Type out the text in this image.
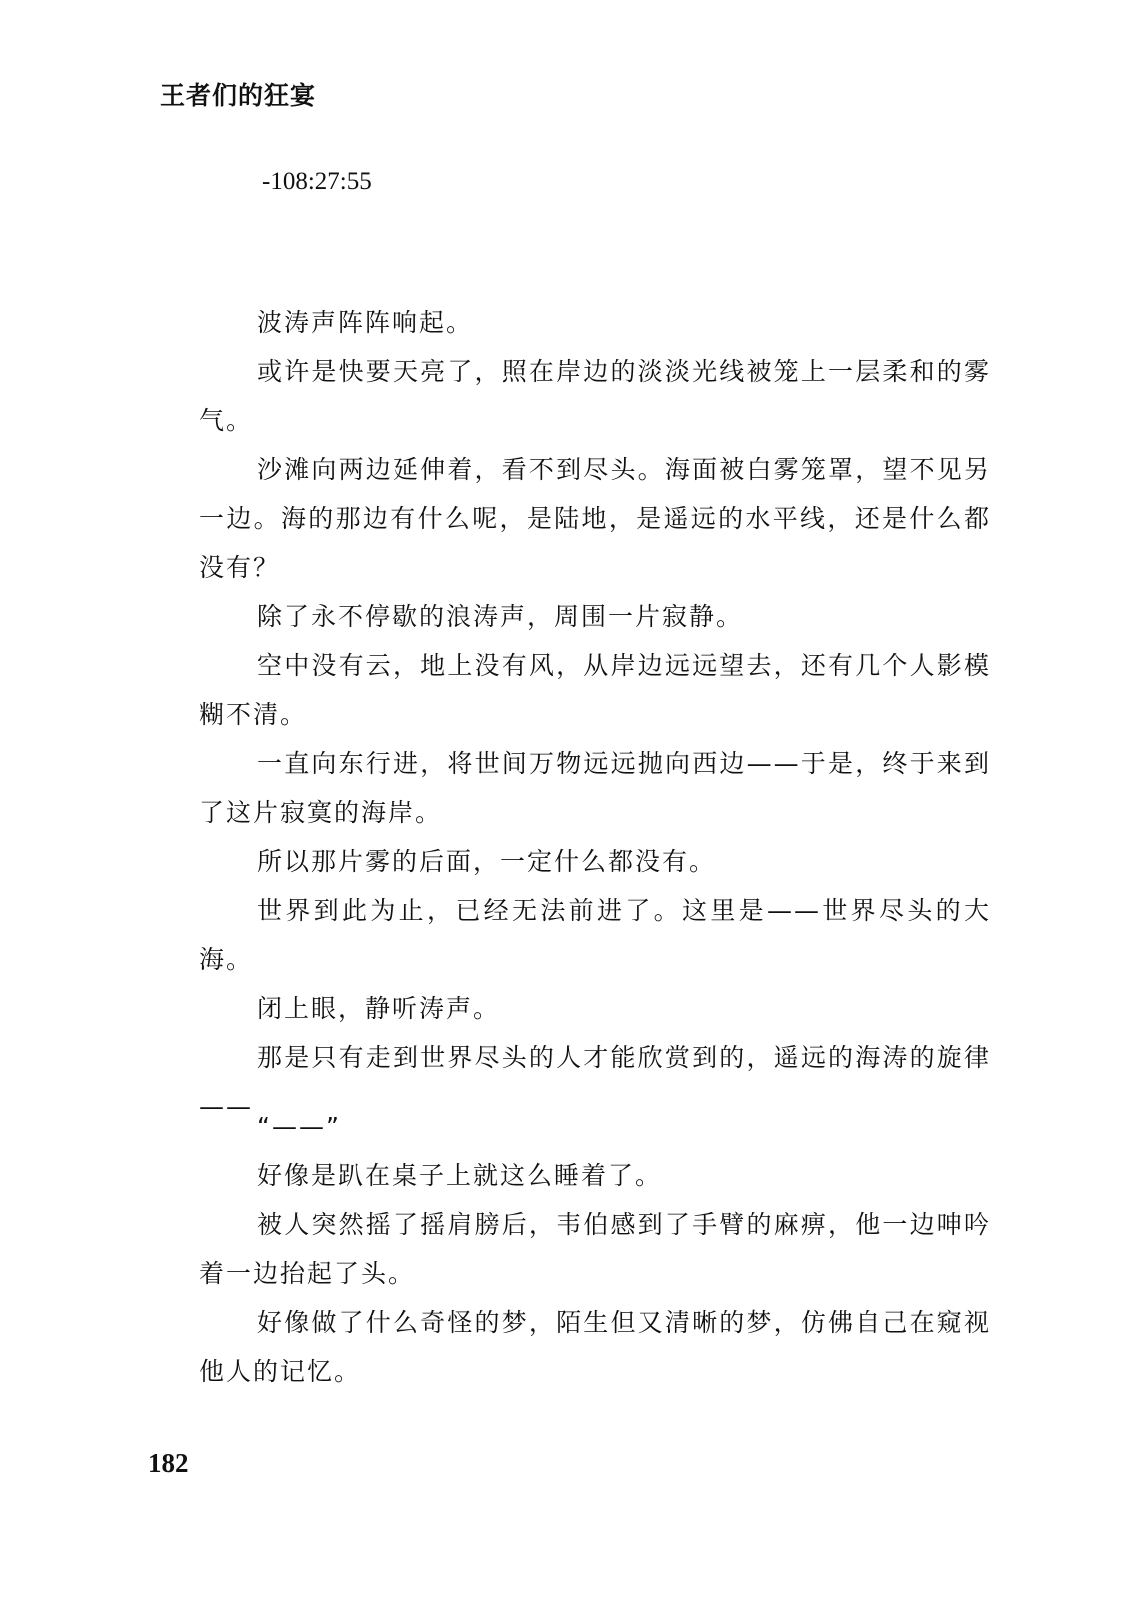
王者们的狂宴
-108:27:55

波涛声阵阵响起。

或许是快要天亮了，照在岸边的淡淡光线被笼上一层柔和的雾气。

沙滩向两边延伸着，看不到尽头。海面被白雾笼罩，望不见另一边。海的那边有什么呢，是陆地，是遥远的水平线，还是什么都没有？

除了永不停歇的浪涛声，周围一片寂静。

空中没有云，地上没有风，从岸边远远望去，还有几个人影模糊不清。

一直向东行进，将世间万物远远抛向西边——于是，终于来到了这片寂寞的海岸。

所以那片雾的后面，一定什么都没有。

世界到此为止，已经无法前进了。这里是——世界尽头的大海。

闭上眼，静听涛声。

那是只有走到世界尽头的人才能欣赏到的，遥远的海涛的旋律——

“——”

好像是趴在桌子上就这么睡着了。

被人突然摇了摇肩膀后，韦伯感到了手臂的麻痹，他一边呻吟着一边抬起了头。

好像做了什么奇怪的梦，陌生但又清晰的梦，仿佛自己在窥视他人的记忆。

182
